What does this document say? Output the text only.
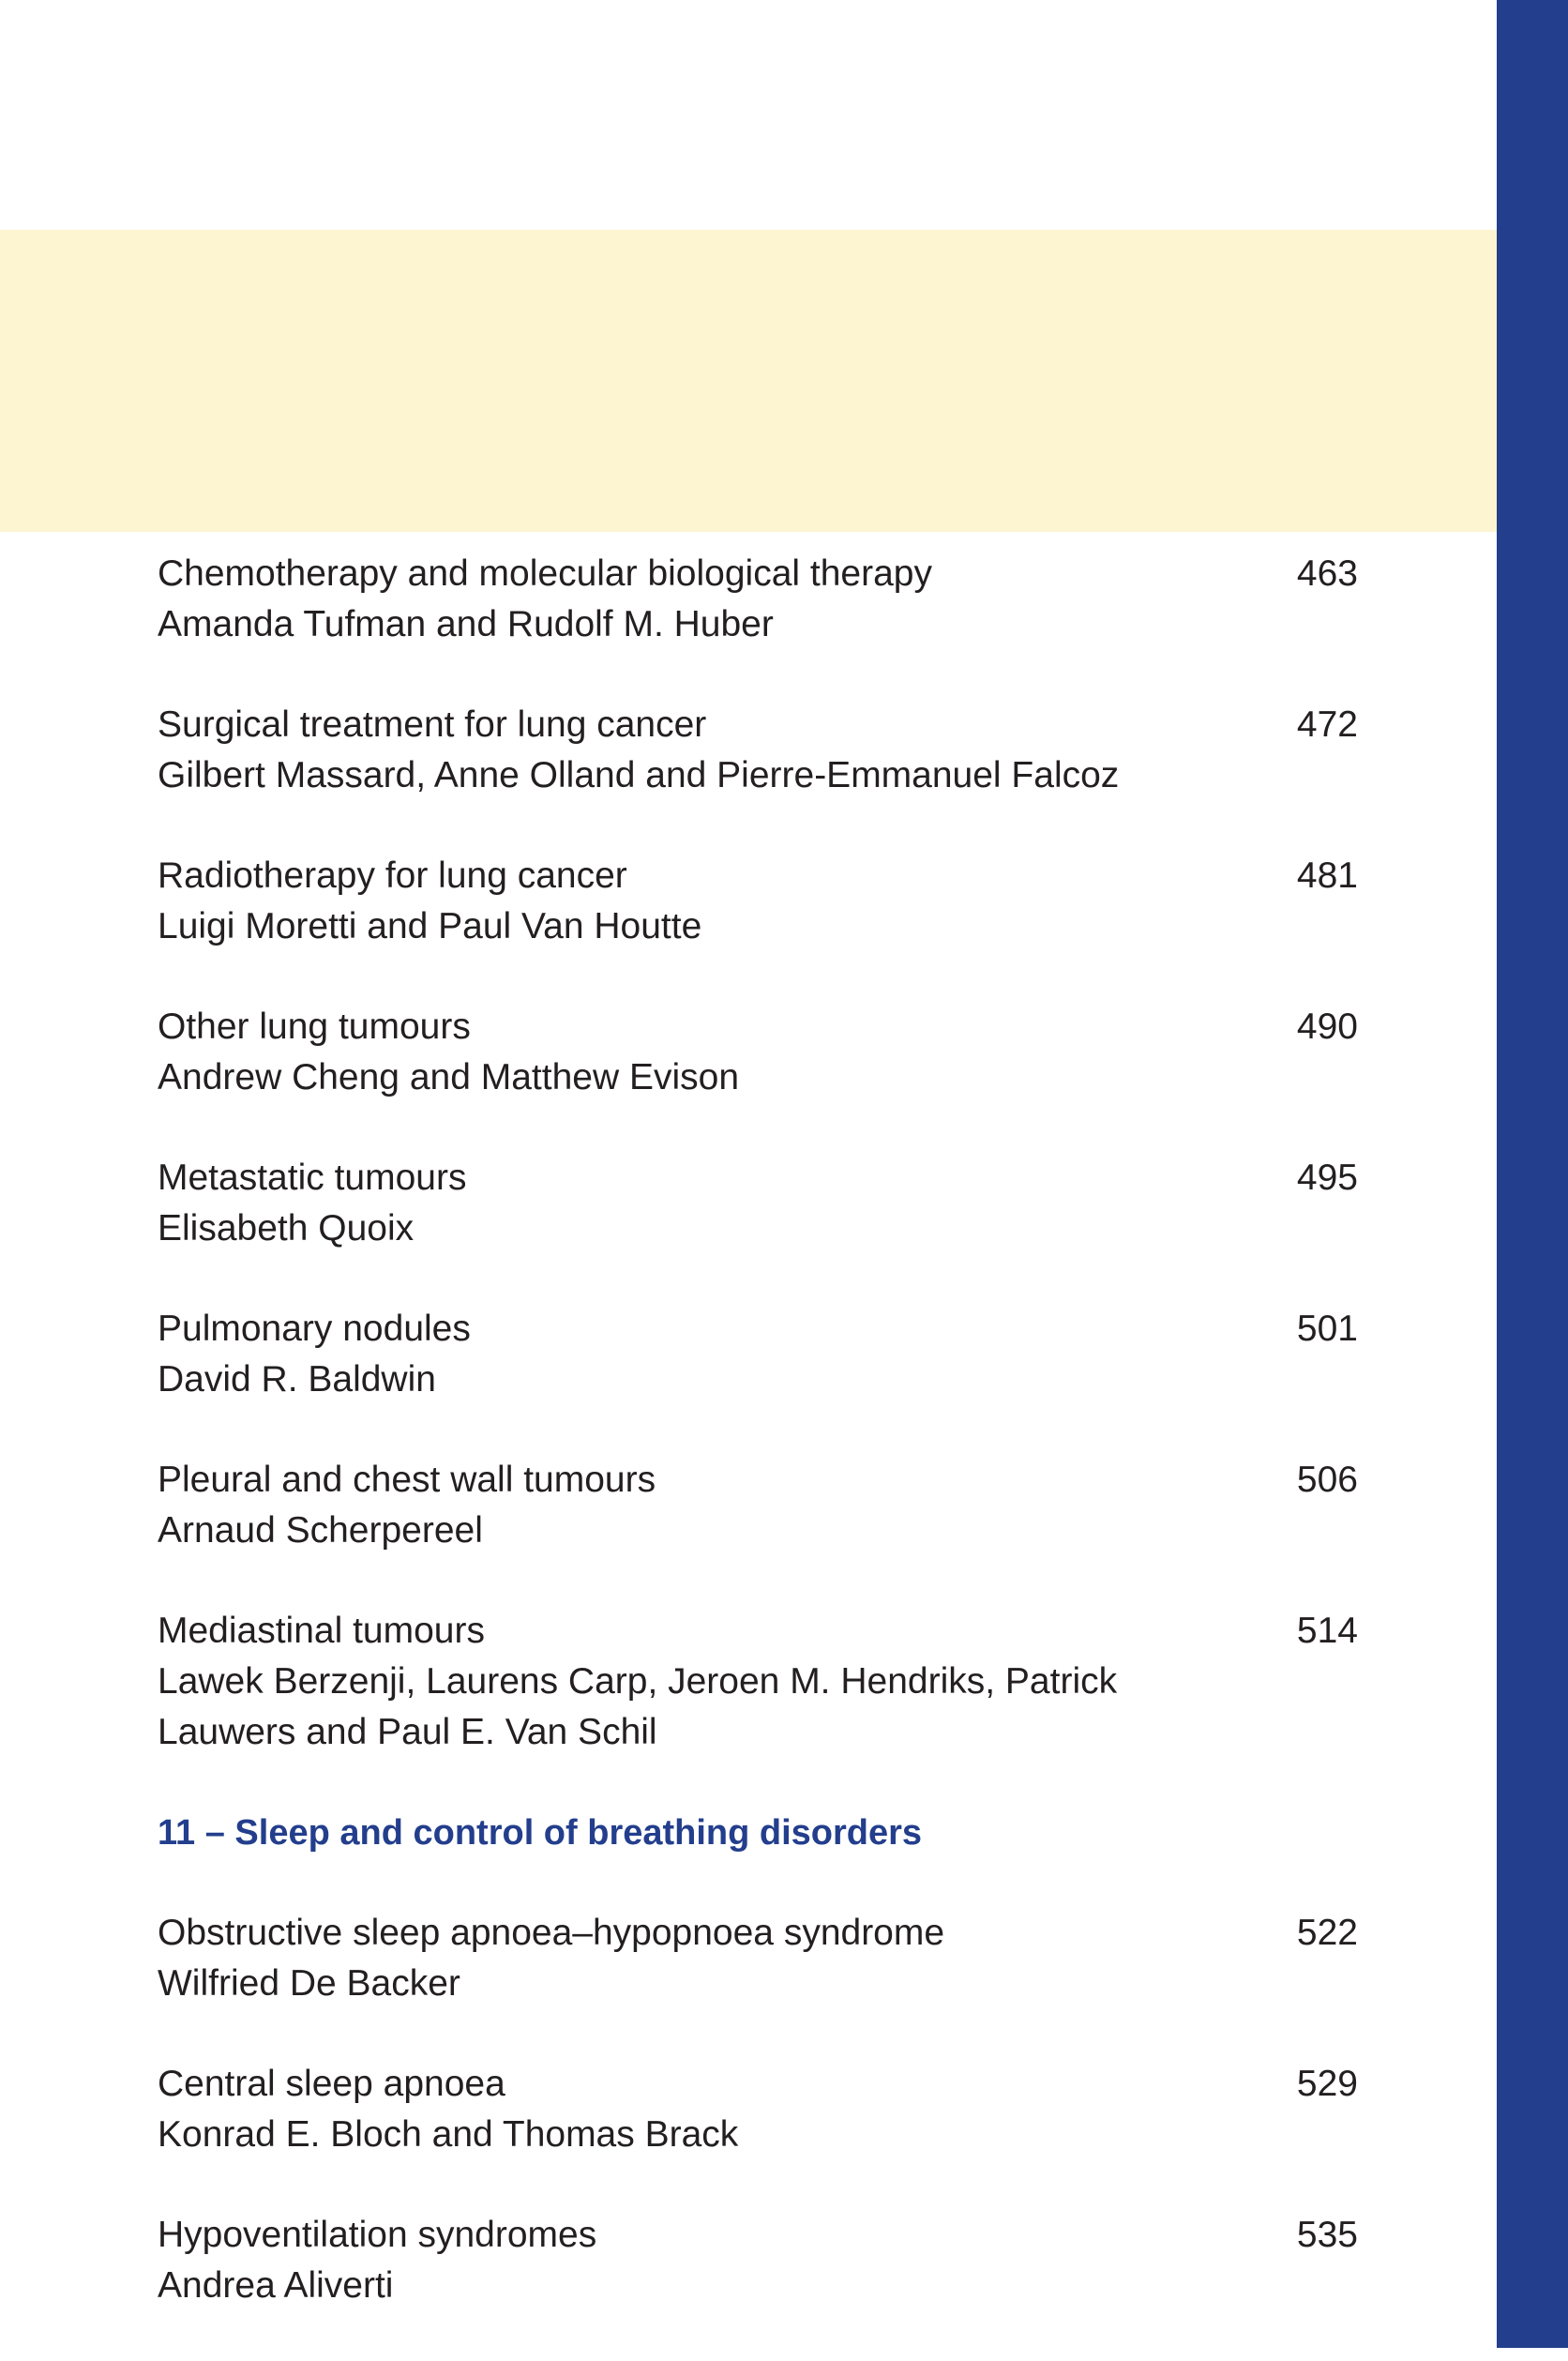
Chemotherapy and molecular biological therapy
Amanda Tufman and Rudolf M. Huber
463
Surgical treatment for lung cancer
Gilbert Massard, Anne Olland and Pierre-Emmanuel Falcoz
472
Radiotherapy for lung cancer
Luigi Moretti and Paul Van Houtte
481
Other lung tumours
Andrew Cheng and Matthew Evison
490
Metastatic tumours
Elisabeth Quoix
495
Pulmonary nodules
David R. Baldwin
501
Pleural and chest wall tumours
Arnaud Scherpereel
506
Mediastinal tumours
Lawek Berzenji, Laurens Carp, Jeroen M. Hendriks, Patrick Lauwers and Paul E. Van Schil
514
11 – Sleep and control of breathing disorders
Obstructive sleep apnoea–hypopnoea syndrome
Wilfried De Backer
522
Central sleep apnoea
Konrad E. Bloch and Thomas Brack
529
Hypoventilation syndromes
Andrea Aliverti
535
